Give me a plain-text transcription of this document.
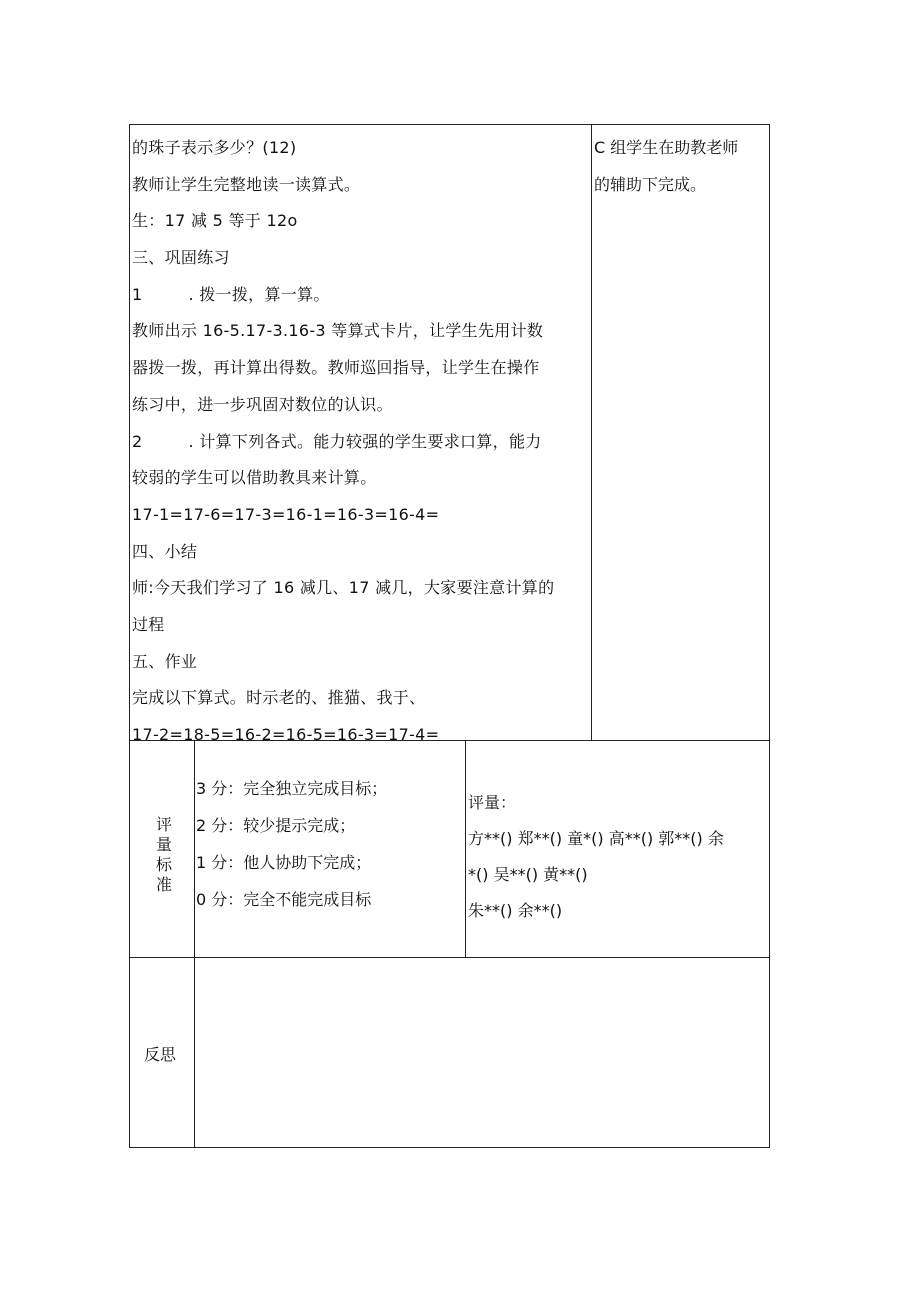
的珠子表示多少？(12)
教师让学生完整地读一读算式。
生：17 减 5 等于 12o
三、巩固练习
1	. 拨一拨，算一算。
教师出示 16-5.17-3.16-3 等算式卡片，让学生先用计数
器拨一拨，再计算出得数。教师巡回指导，让学生在操作
练习中，进一步巩固对数位的认识。
2	. 计算下列各式。能力较强的学生要求口算，能力
较弱的学生可以借助教具来计算。
17-1=17-6=17-3=16-1=16-3=16-4=
四、小结
师:今天我们学习了 16 减几、17 减几，大家要注意计算的
过程
五、作业
完成以下算式。时示老的、推猫、我于、
17-2=18-5=16-2=16-5=16-3=17-4=
C 组学生在助教老师
的辅助下完成。
评
量
标
准
3 分：完全独立完成目标；
2 分：较少提示完成；
1 分：他人协助下完成；
0 分：完全不能完成目标
评量：
方**() 郑**() 童*() 高**() 郭**() 余
*() 吴**() 黄**()
朱**() 余**()
反思
